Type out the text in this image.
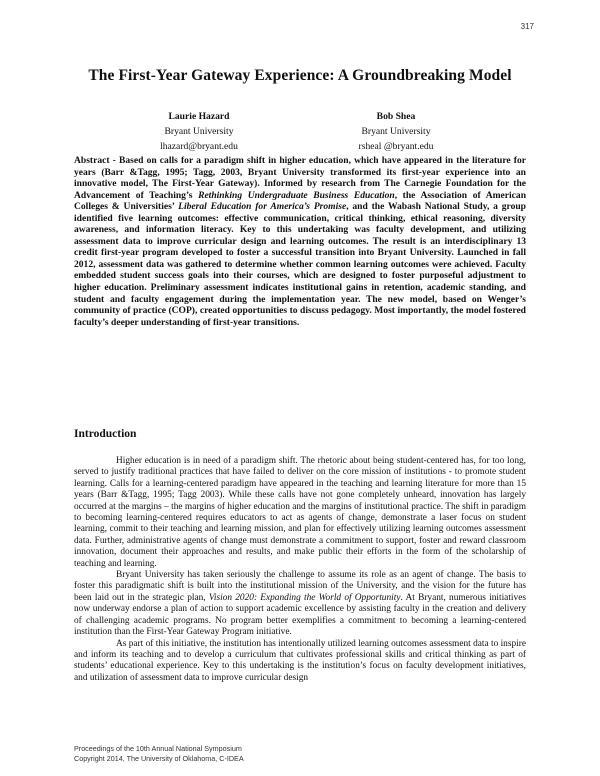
317
The First-Year Gateway Experience: A Groundbreaking Model
Laurie Hazard
Bryant University
lhazard@bryant.edu
Bob Shea
Bryant University
rsheal @bryant.edu

Abstract - Based on calls for a paradigm shift in higher education, which have appeared in the literature for years (Barr &Tagg, 1995; Tagg, 2003, Bryant University transformed its first-year experience into an innovative model, The First-Year Gateway). Informed by research from The Carnegie Foundation for the Advancement of Teaching’s Rethinking Undergraduate Business Education, the Association of American Colleges & Universities’ Liberal Education for America’s Promise, and the Wabash National Study, a group identified five learning outcomes: effective communication, critical thinking, ethical reasoning, diversity awareness, and information literacy. Key to this undertaking was faculty development, and utilizing assessment data to improve curricular design and learning outcomes. The result is an interdisciplinary 13 credit first-year program developed to foster a successful transition into Bryant University. Launched in fall 2012, assessment data was gathered to determine whether common learning outcomes were achieved. Faculty embedded student success goals into their courses, which are designed to foster purposeful adjustment to higher education. Preliminary assessment indicates institutional gains in retention, academic standing, and student and faculty engagement during the implementation year. The new model, based on Wenger’s community of practice (COP), created opportunities to discuss pedagogy. Most importantly, the model fostered faculty’s deeper understanding of first-year transitions.

Introduction

Higher education is in need of a paradigm shift. The rhetoric about being student-centered has, for too long, served to justify traditional practices that have failed to deliver on the core mission of institutions - to promote student learning. Calls for a learning-centered paradigm have appeared in the teaching and learning literature for more than 15 years (Barr &Tagg, 1995; Tagg 2003). While these calls have not gone completely unheard, innovation has largely occurred at the margins – the margins of higher education and the margins of institutional practice. The shift in paradigm to becoming learning-centered requires educators to act as agents of change, demonstrate a laser focus on student learning, commit to their teaching and learning mission, and plan for effectively utilizing learning outcomes assessment data. Further, administrative agents of change must demonstrate a commitment to support, foster and reward classroom innovation, document their approaches and results, and make public their efforts in the form of the scholarship of teaching and learning.

Bryant University has taken seriously the challenge to assume its role as an agent of change. The basis to foster this paradigmatic shift is built into the institutional mission of the University, and the vision for the future has been laid out in the strategic plan, Vision 2020: Expanding the World of Opportunity. At Bryant, numerous initiatives now underway endorse a plan of action to support academic excellence by assisting faculty in the creation and delivery of challenging academic programs. No program better exemplifies a commitment to becoming a learning-centered institution than the First-Year Gateway Program initiative.

As part of this initiative, the institution has intentionally utilized learning outcomes assessment data to inspire and inform its teaching and to develop a curriculum that cultivates professional skills and critical thinking as part of students’ educational experience. Key to this undertaking is the institution’s focus on faculty development initiatives, and utilization of assessment data to improve curricular design

Proceedings of the 10th Annual National Symposium
Copyright 2014, The University of Oklahoma, C-IDEA
